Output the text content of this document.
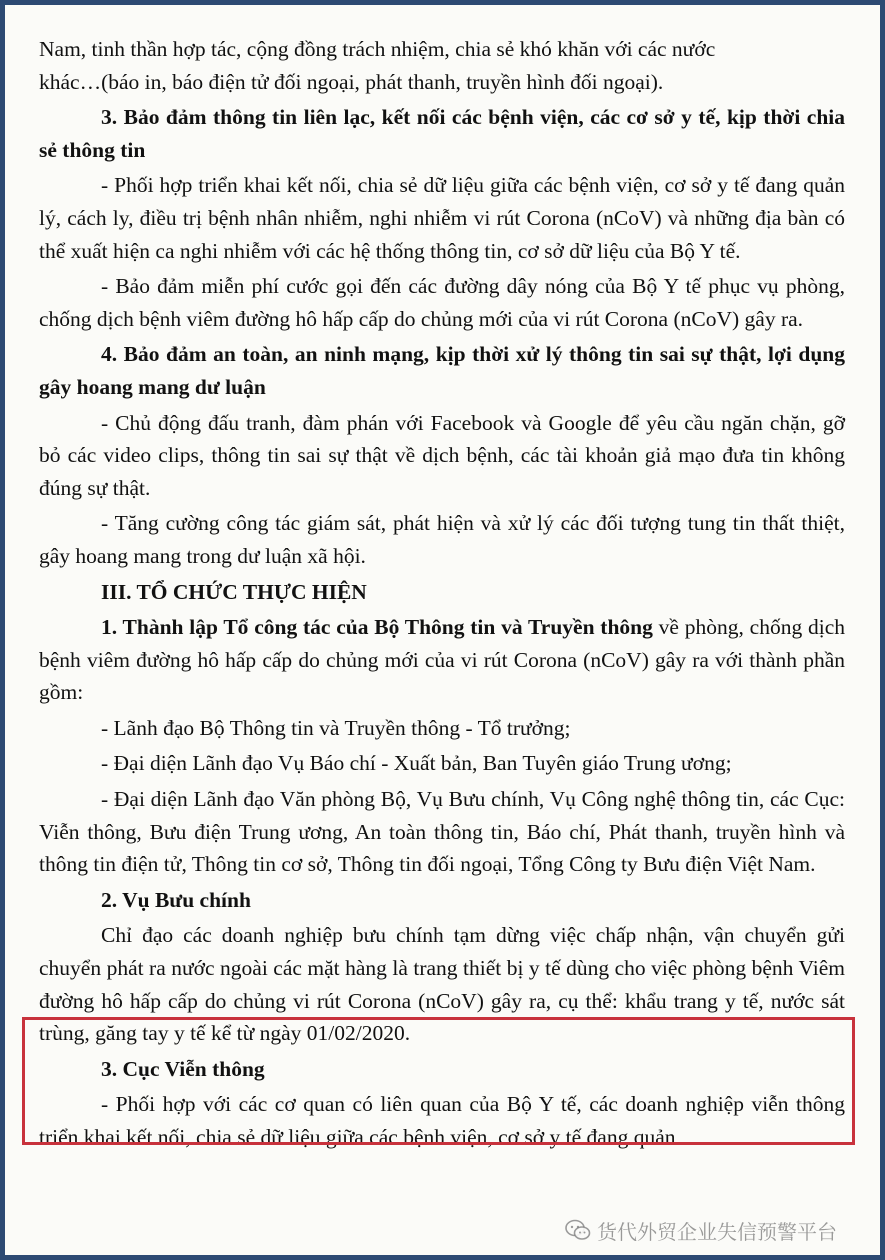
Nam, tinh thần hợp tác, cộng đồng trách nhiệm, chia sẻ khó khăn với các nước

khác…(báo in, báo điện tử đối ngoại, phát thanh, truyền hình đối ngoại).

3. Bảo đảm thông tin liên lạc, kết nối các bệnh viện, các cơ sở y tế, kịp thời chia sẻ thông tin

- Phối hợp triển khai kết nối, chia sẻ dữ liệu giữa các bệnh viện, cơ sở y tế đang quản lý, cách ly, điều trị bệnh nhân nhiễm, nghi nhiễm vi rút Corona (nCoV) và những địa bàn có thể xuất hiện ca nghi nhiễm với các hệ thống thông tin, cơ sở dữ liệu của Bộ Y tế.

- Bảo đảm miễn phí cước gọi đến các đường dây nóng của Bộ Y tế phục vụ phòng, chống dịch bệnh viêm đường hô hấp cấp do chủng mới của vi rút Corona (nCoV) gây ra.

4. Bảo đảm an toàn, an ninh mạng, kịp thời xử lý thông tin sai sự thật, lợi dụng gây hoang mang dư luận

- Chủ động đấu tranh, đàm phán với Facebook và Google để yêu cầu ngăn chặn, gỡ bỏ các video clips, thông tin sai sự thật về dịch bệnh, các tài khoản giả mạo đưa tin không đúng sự thật.

- Tăng cường công tác giám sát, phát hiện và xử lý các đối tượng tung tin thất thiệt, gây hoang mang trong dư luận xã hội.

III. TỔ CHỨC THỰC HIỆN

1. Thành lập Tổ công tác của Bộ Thông tin và Truyền thông về phòng, chống dịch bệnh viêm đường hô hấp cấp do chủng mới của vi rút Corona (nCoV) gây ra với thành phần gồm:

- Lãnh đạo Bộ Thông tin và Truyền thông - Tổ trưởng;

- Đại diện Lãnh đạo Vụ Báo chí - Xuất bản, Ban Tuyên giáo Trung ương;

- Đại diện Lãnh đạo Văn phòng Bộ, Vụ Bưu chính, Vụ Công nghệ thông tin, các Cục: Viễn thông, Bưu điện Trung ương, An toàn thông tin, Báo chí, Phát thanh, truyền hình và thông tin điện tử, Thông tin cơ sở, Thông tin đối ngoại, Tổng Công ty Bưu điện Việt Nam.

2. Vụ Bưu chính

Chỉ đạo các doanh nghiệp bưu chính tạm dừng việc chấp nhận, vận chuyển gửi chuyển phát ra nước ngoài các mặt hàng là trang thiết bị y tế dùng cho việc phòng bệnh Viêm đường hô hấp cấp do chủng vi rút Corona (nCoV) gây ra, cụ thể: khẩu trang y tế, nước sát trùng, găng tay y tế kể từ ngày 01/02/2020.

3. Cục Viễn thông

- Phối hợp với các cơ quan có liên quan của Bộ Y tế, các doanh nghiệp viễn thông triển khai kết nối, chia sẻ dữ liệu giữa các bệnh viện, cơ sở y tế đang quản

货代外贸企业失信预警平台
